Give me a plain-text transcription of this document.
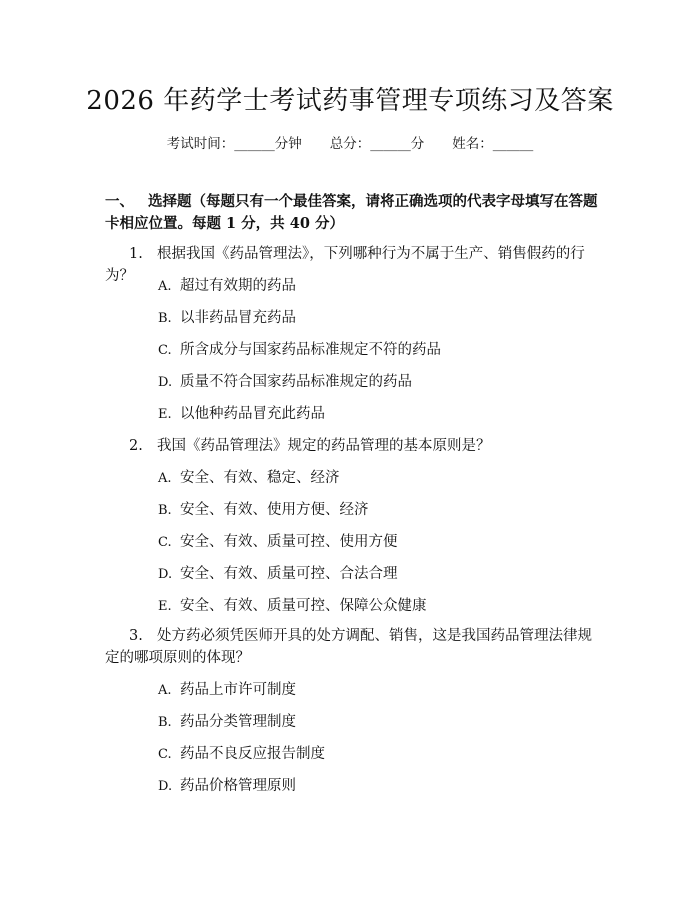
2026 年药学士考试药事管理专项练习及答案
考试时间：______分钟 总分：______分 姓名：______
一、 选择题（每题只有一个最佳答案，请将正确选项的代表字母填写在答题卡相应位置。每题 1 分，共 40 分）
1. 根据我国《药品管理法》，下列哪种行为不属于生产、销售假药的行为？
A. 超过有效期的药品
B. 以非药品冒充药品
C. 所含成分与国家药品标准规定不符的药品
D. 质量不符合国家药品标准规定的药品
E. 以他种药品冒充此药品
2. 我国《药品管理法》规定的药品管理的基本原则是？
A. 安全、有效、稳定、经济
B. 安全、有效、使用方便、经济
C. 安全、有效、质量可控、使用方便
D. 安全、有效、质量可控、合法合理
E. 安全、有效、质量可控、保障公众健康
3. 处方药必须凭医师开具的处方调配、销售，这是我国药品管理法律规定的哪项原则的体现？
A. 药品上市许可制度
B. 药品分类管理制度
C. 药品不良反应报告制度
D. 药品价格管理原则
